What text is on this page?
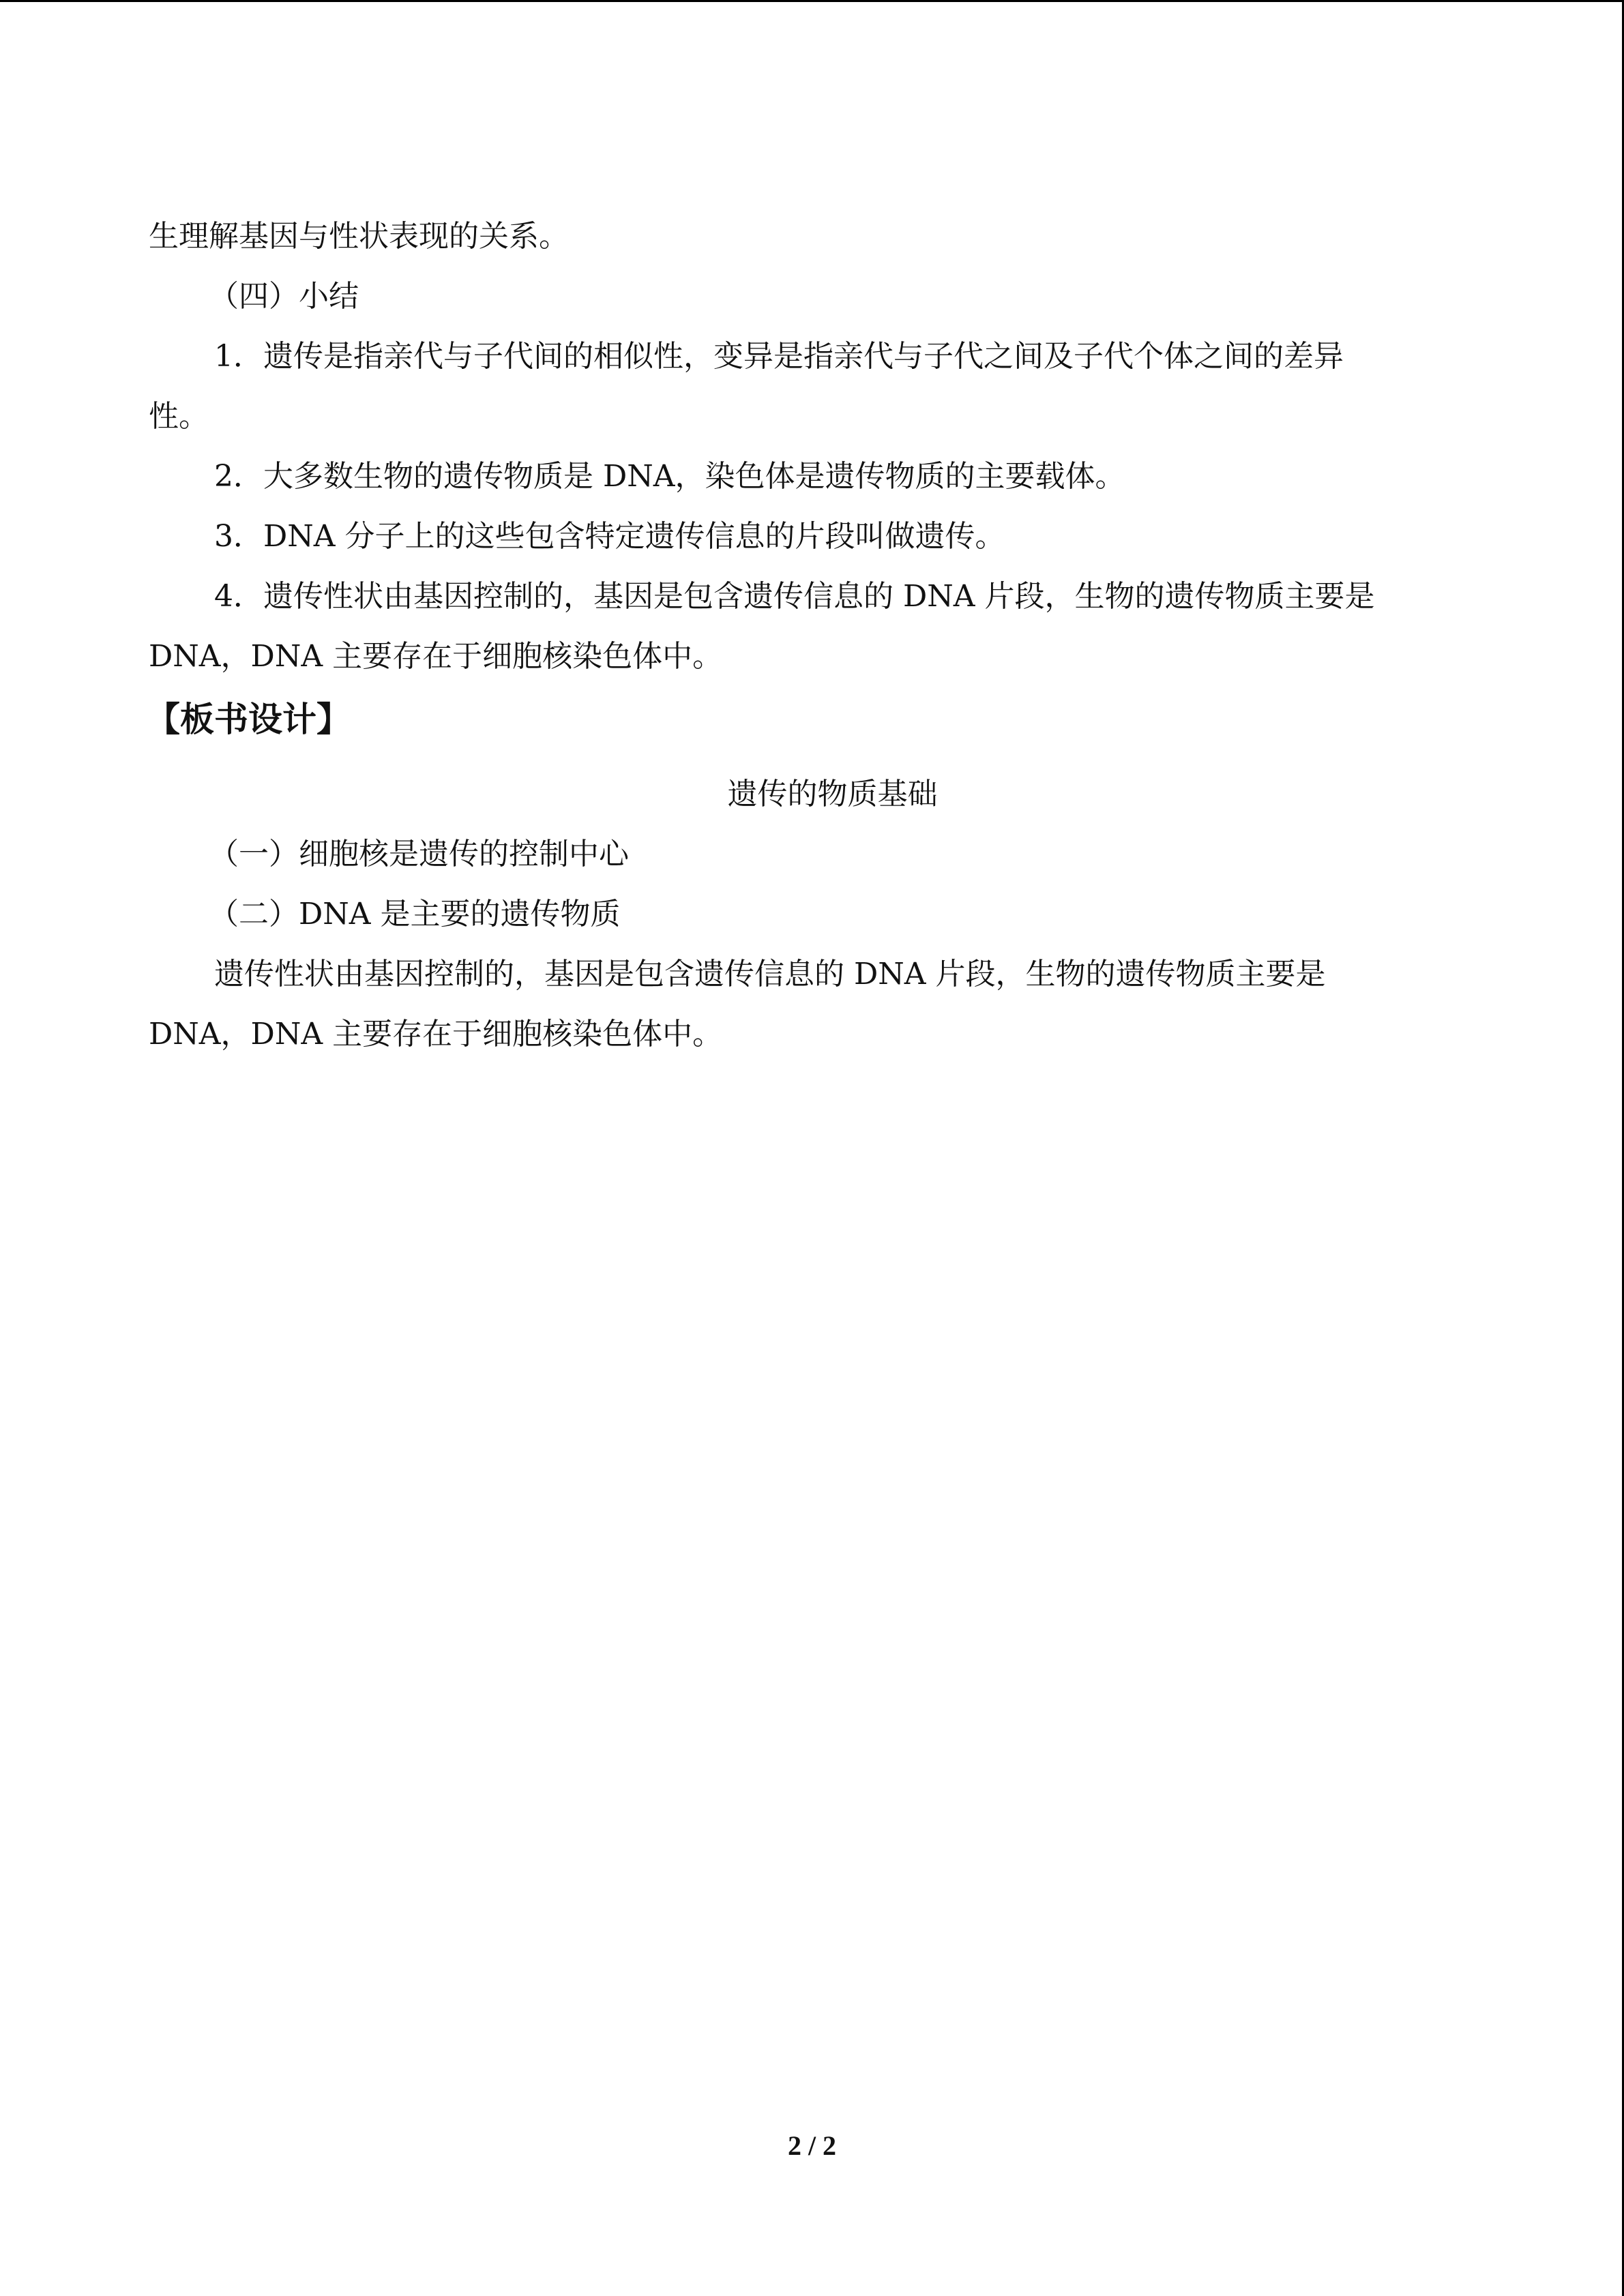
生理解基因与性状表现的关系。

（四）小结

1．遗传是指亲代与子代间的相似性，变异是指亲代与子代之间及子代个体之间的差异

性。

2．大多数生物的遗传物质是 DNA，染色体是遗传物质的主要载体。

3．DNA 分子上的这些包含特定遗传信息的片段叫做遗传。

4．遗传性状由基因控制的，基因是包含遗传信息的 DNA 片段，生物的遗传物质主要是

DNA，DNA 主要存在于细胞核染色体中。

【板书设计】

遗传的物质基础

（一）细胞核是遗传的控制中心

（二）DNA 是主要的遗传物质

遗传性状由基因控制的，基因是包含遗传信息的 DNA 片段，生物的遗传物质主要是

DNA，DNA 主要存在于细胞核染色体中。

2 / 2
